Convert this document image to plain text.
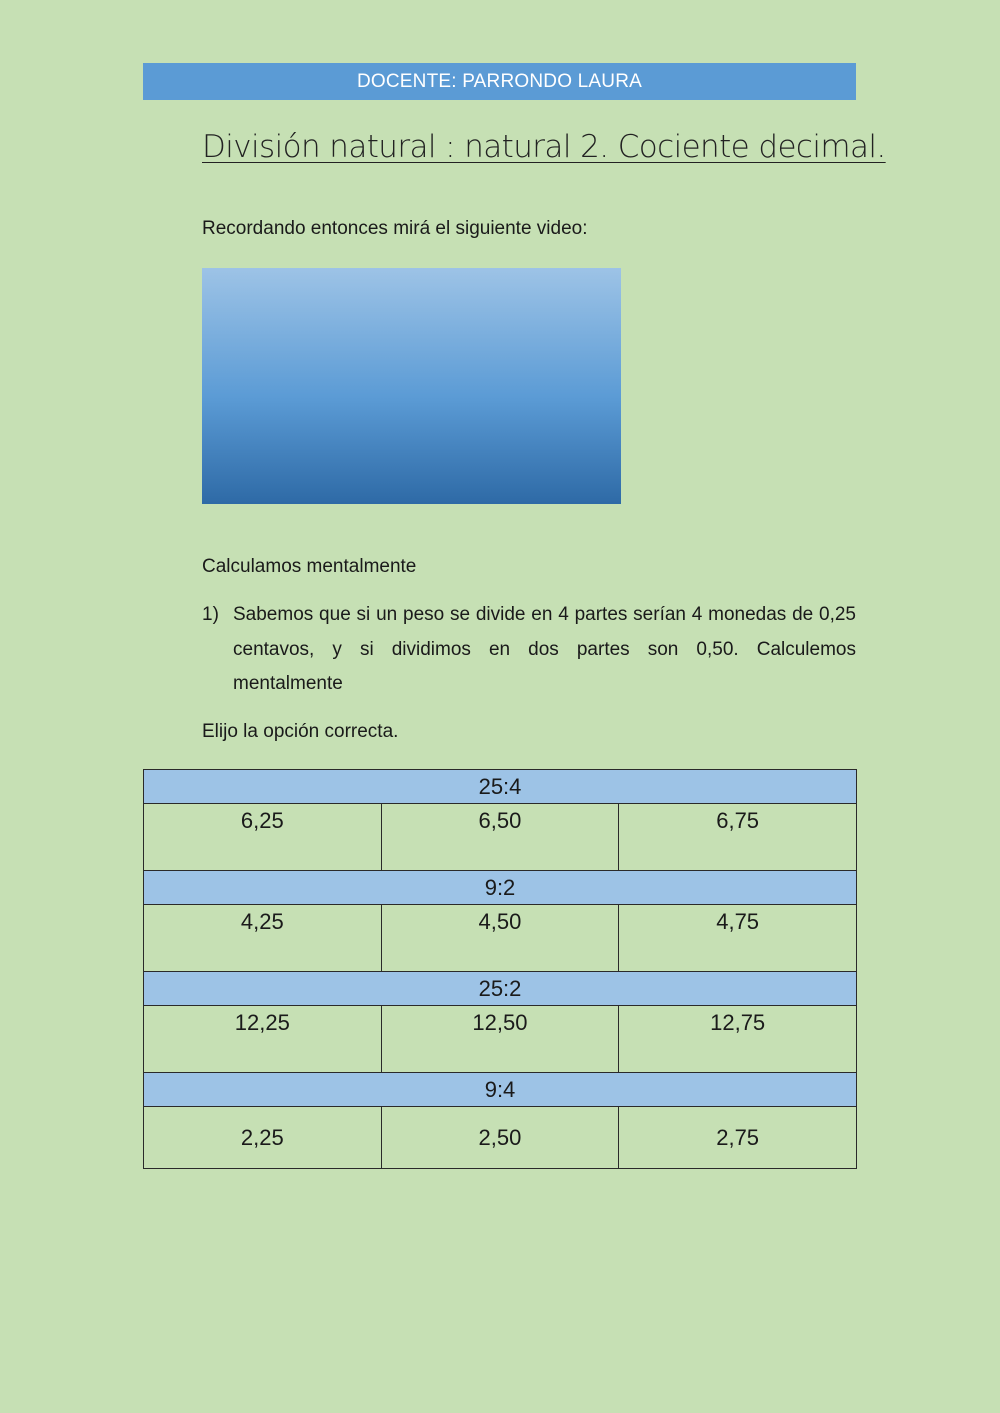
DOCENTE: PARRONDO LAURA
División natural : natural 2. Cociente decimal.
Recordando entonces mirá el siguiente video:
Calculamos mentalmente
1) Sabemos que si un peso se divide en 4 partes serían 4 monedas de 0,25 centavos, y si dividimos en dos partes son 0,50. Calculemos mentalmente
Elijo la opción correcta.
25:4		
6,25	6,50	6,75
9:2		
4,25	4,50	4,75
25:2		
12,25	12,50	12,75
9:4		
2,25	2,50	2,75
